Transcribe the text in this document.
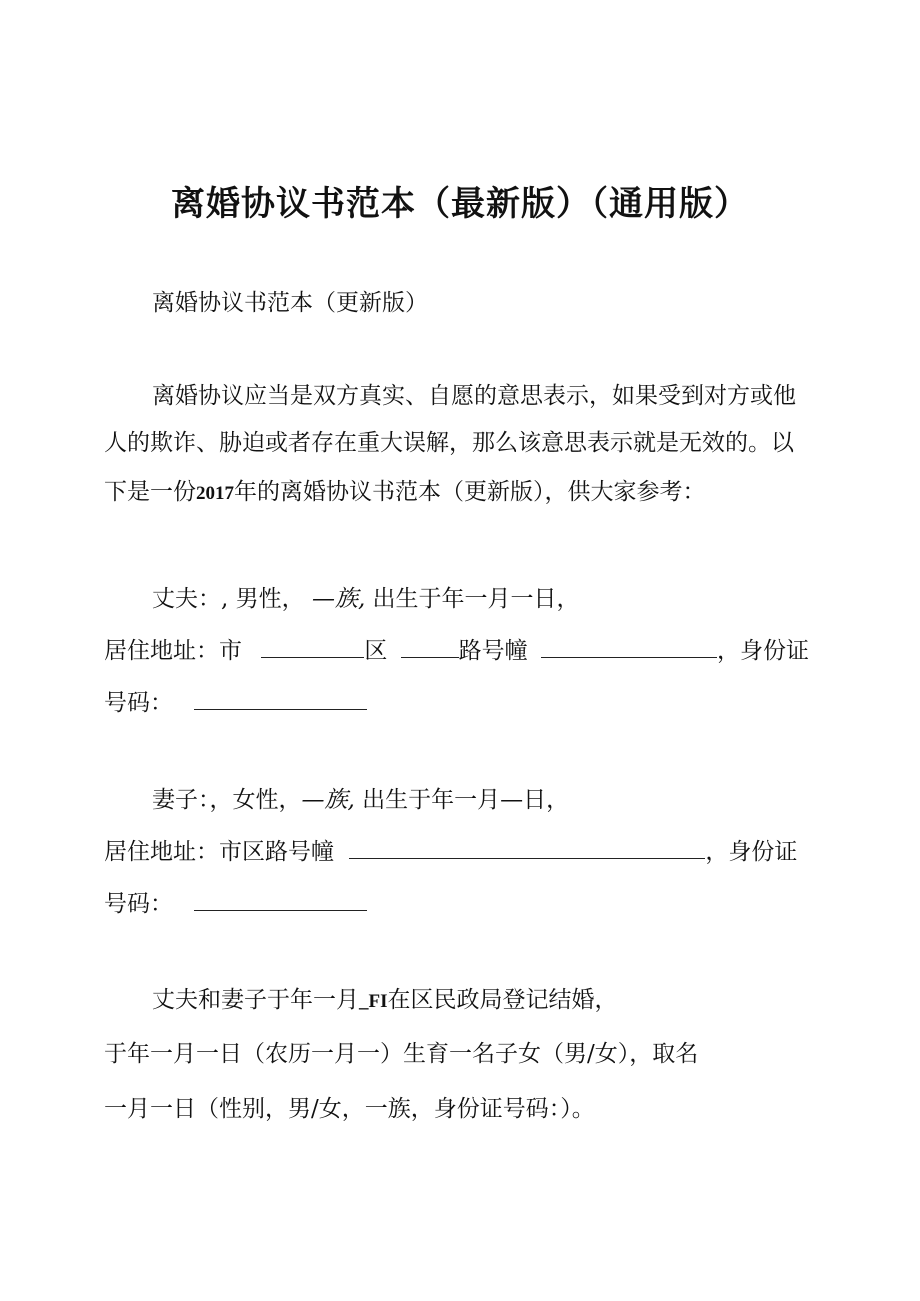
离婚协议书范本（最新版）（通用版）
离婚协议书范本（更新版）
离婚协议应当是双方真实、自愿的意思表示，如果受到对方或他
人的欺诈、胁迫或者存在重大误解，那么该意思表示就是无效的。以
下是一份2017年的离婚协议书范本（更新版），供大家参考：
丈夫：, 男性， —族, 出生于年一月一日，
居住地址：市	区	路号幢	，身份证
号码：
妻子：，女性，—族, 出生于年一月—日，
居住地址：市区路号幢	，身份证
号码：
丈夫和妻子于年一月_FI在区民政局登记结婚，
于年一月一日（农历一月一）生育一名子女（男/女），取名
一月一日（性别，男/女，一族，身份证号码：）。
